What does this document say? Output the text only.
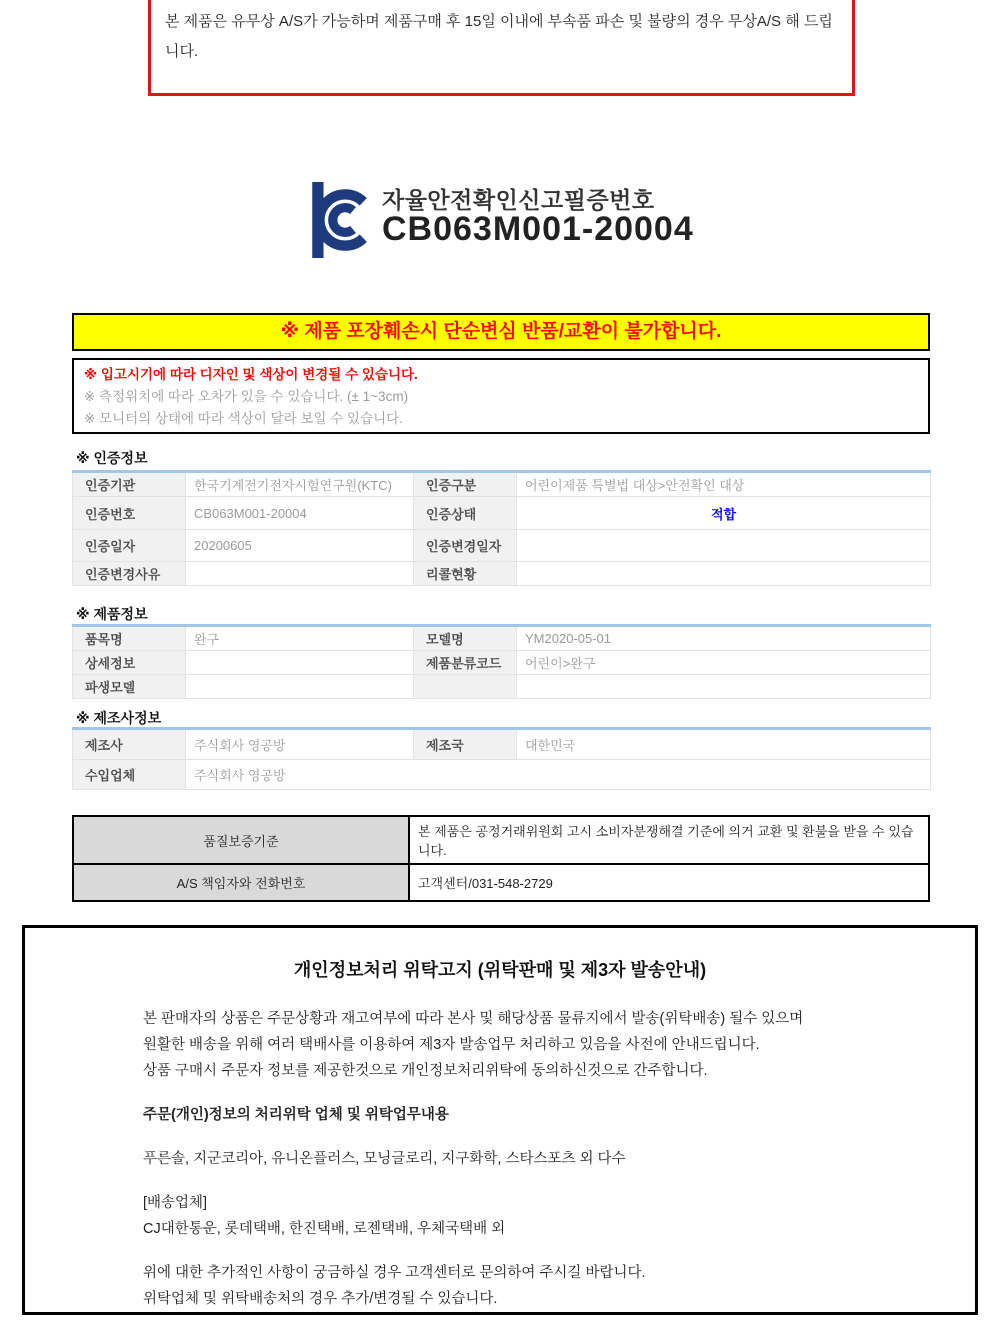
본 제품은 유무상 A/S가 가능하며 제품구매 후 15일 이내에 부속품 파손 및 불량의 경우 무상A/S 해 드립니다.
자율안전확인신고필증번호
CB063M001-20004
※ 제품 포장훼손시 단순변심 반품/교환이 불가합니다.
※ 입고시기에 따라 디자인 및 색상이 변경될 수 있습니다.
※ 측정위치에 따라 오차가 있을 수 있습니다. (± 1~3cm)
※ 모니터의 상태에 따라 색상이 달라 보일 수 있습니다.
※ 인증정보
인증기관	한국기계전기전자시험연구원(KTC)	인증구분	어린이제품 특별법 대상>안전확인 대상
인증번호	CB063M001-20004	인증상태	적합
인증일자	20200605	인증변경일자	
인증변경사유		리콜현황	
※ 제품정보
품목명	완구	모델명	YM2020-05-01
상세정보		제품분류코드	어린이>완구
파생모델			
※ 제조사정보
제조사	주식회사 영공방	제조국	대한민국
수입업체	주식회사 영공방		
품질보증기준	본 제품은 공정거래위원회 고시 소비자분쟁해결 기준에 의거 교환 및 환불을 받을 수 있습니다.
A/S 책임자와 전화번호	고객센터/031-548-2729
개인정보처리 위탁고지 (위탁판매 및 제3자 발송안내)
본 판매자의 상품은 주문상황과 재고여부에 따라 본사 및 해당상품 물류지에서 발송(위탁배송) 될수 있으며
원활한 배송을 위해 여러 택배사를 이용하여 제3자 발송업무 처리하고 있음을 사전에 안내드립니다.
상품 구매시 주문자 정보를 제공한것으로 개인정보처리위탁에 동의하신것으로 간주합니다.
주문(개인)정보의 처리위탁 업체 및 위탁업무내용
푸른솔, 지군코리아, 유니온플러스, 모닝글로리, 지구화학, 스타스포츠 외 다수
[배송업체]
CJ대한통운, 롯데택배, 한진택배, 로젠택배, 우체국택배 외
위에 대한 추가적인 사항이 궁금하실 경우 고객센터로 문의하여 주시길 바랍니다.
위탁업체 및 위탁배송처의 경우 추가/변경될 수 있습니다.
